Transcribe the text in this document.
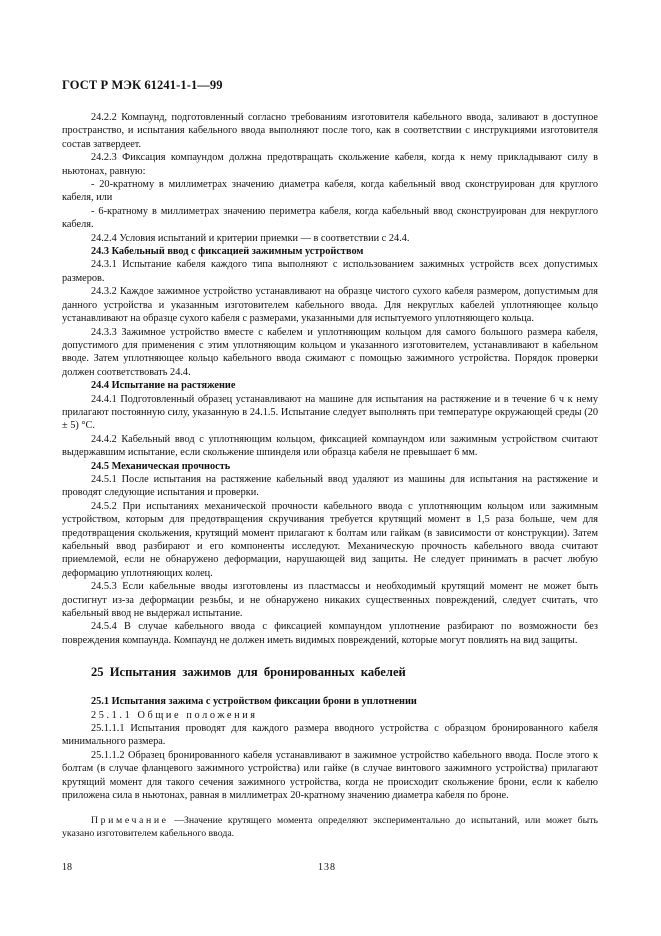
ГОСТ Р МЭК 61241-1-1—99

24.2.2 Компаунд, подготовленный согласно требованиям изготовителя кабельного ввода, заливают в доступное пространство, и испытания кабельного ввода выполняют после того, как в соответствии с инструкциями изготовителя состав затвердеет.

24.2.3 Фиксация компаундом должна предотвращать скольжение кабеля, когда к нему прикладывают силу в ньютонах, равную:

- 20-кратному в миллиметрах значению диаметра кабеля, когда кабельный ввод сконструирован для круглого кабеля, или

- 6-кратному в миллиметрах значению периметра кабеля, когда кабельный ввод сконструирован для некруглого кабеля.

24.2.4 Условия испытаний и критерии приемки — в соответствии с 24.4.

24.3 Кабельный ввод с фиксацией зажимным устройством

24.3.1 Испытание кабеля каждого типа выполняют с использованием зажимных устройств всех допустимых размеров.

24.3.2 Каждое зажимное устройство устанавливают на образце чистого сухого кабеля размером, допустимым для данного устройства и указанным изготовителем кабельного ввода. Для некруглых кабелей уплотняющее кольцо устанавливают на образце сухого кабеля с размерами, указанными для испытуемого уплотняющего кольца.

24.3.3 Зажимное устройство вместе с кабелем и уплотняющим кольцом для самого большого размера кабеля, допустимого для применения с этим уплотняющим кольцом и указанного изготовителем, устанавливают в кабельном вводе. Затем уплотняющее кольцо кабельного ввода сжимают с помощью зажимного устройства. Порядок проверки должен соответствовать 24.4.

24.4 Испытание на растяжение

24.4.1 Подготовленный образец устанавливают на машине для испытания на растяжение и в течение 6 ч к нему прилагают постоянную силу, указанную в 24.1.5. Испытание следует выполнять при температуре окружающей среды (20 ± 5) °С.

24.4.2 Кабельный ввод с уплотняющим кольцом, фиксацией компаундом или зажимным устройством считают выдержавшим испытание, если скольжение шпинделя или образца кабеля не превышает 6 мм.

24.5 Механическая прочность

24.5.1 После испытания на растяжение кабельный ввод удаляют из машины для испытания на растяжение и проводят следующие испытания и проверки.

24.5.2 При испытаниях механической прочности кабельного ввода с уплотняющим кольцом или зажимным устройством, которым для предотвращения скручивания требуется крутящий момент в 1,5 раза больше, чем для предотвращения скольжения, крутящий момент прилагают к болтам или гайкам (в зависимости от конструкции). Затем кабельный ввод разбирают и его компоненты исследуют. Механическую прочность кабельного ввода считают приемлемой, если не обнаружено деформации, нарушающей вид защиты. Не следует принимать в расчет любую деформацию уплотняющих колец.

24.5.3 Если кабельные вводы изготовлены из пластмассы и необходимый крутящий момент не может быть достигнут из-за деформации резьбы, и не обнаружено никаких существенных повреждений, следует считать, что кабельный ввод не выдержал испытание.

24.5.4 В случае кабельного ввода с фиксацией компаундом уплотнение разбирают по возможности без повреждения компаунда. Компаунд не должен иметь видимых повреждений, которые могут повлиять на вид защиты.

25 Испытания зажимов для бронированных кабелей

25.1 Испытания зажима с устройством фиксации брони в уплотнении

25.1.1 Общие положения

25.1.1.1 Испытания проводят для каждого размера вводного устройства с образцом бронированного кабеля минимального размера.

25.1.1.2 Образец бронированного кабеля устанавливают в зажимное устройство кабельного ввода. После этого к болтам (в случае фланцевого зажимного устройства) или гайке (в случае винтового зажимного устройства) прилагают крутящий момент для такого сечения зажимного устройства, когда не происходит скольжение брони, если к кабелю приложена сила в ньютонах, равная в миллиметрах 20-кратному значению диаметра кабеля по броне.

Примечание —Значение крутящего момента определяют экспериментально до испытаний, или может быть указано изготовителем кабельного ввода.

18	138
